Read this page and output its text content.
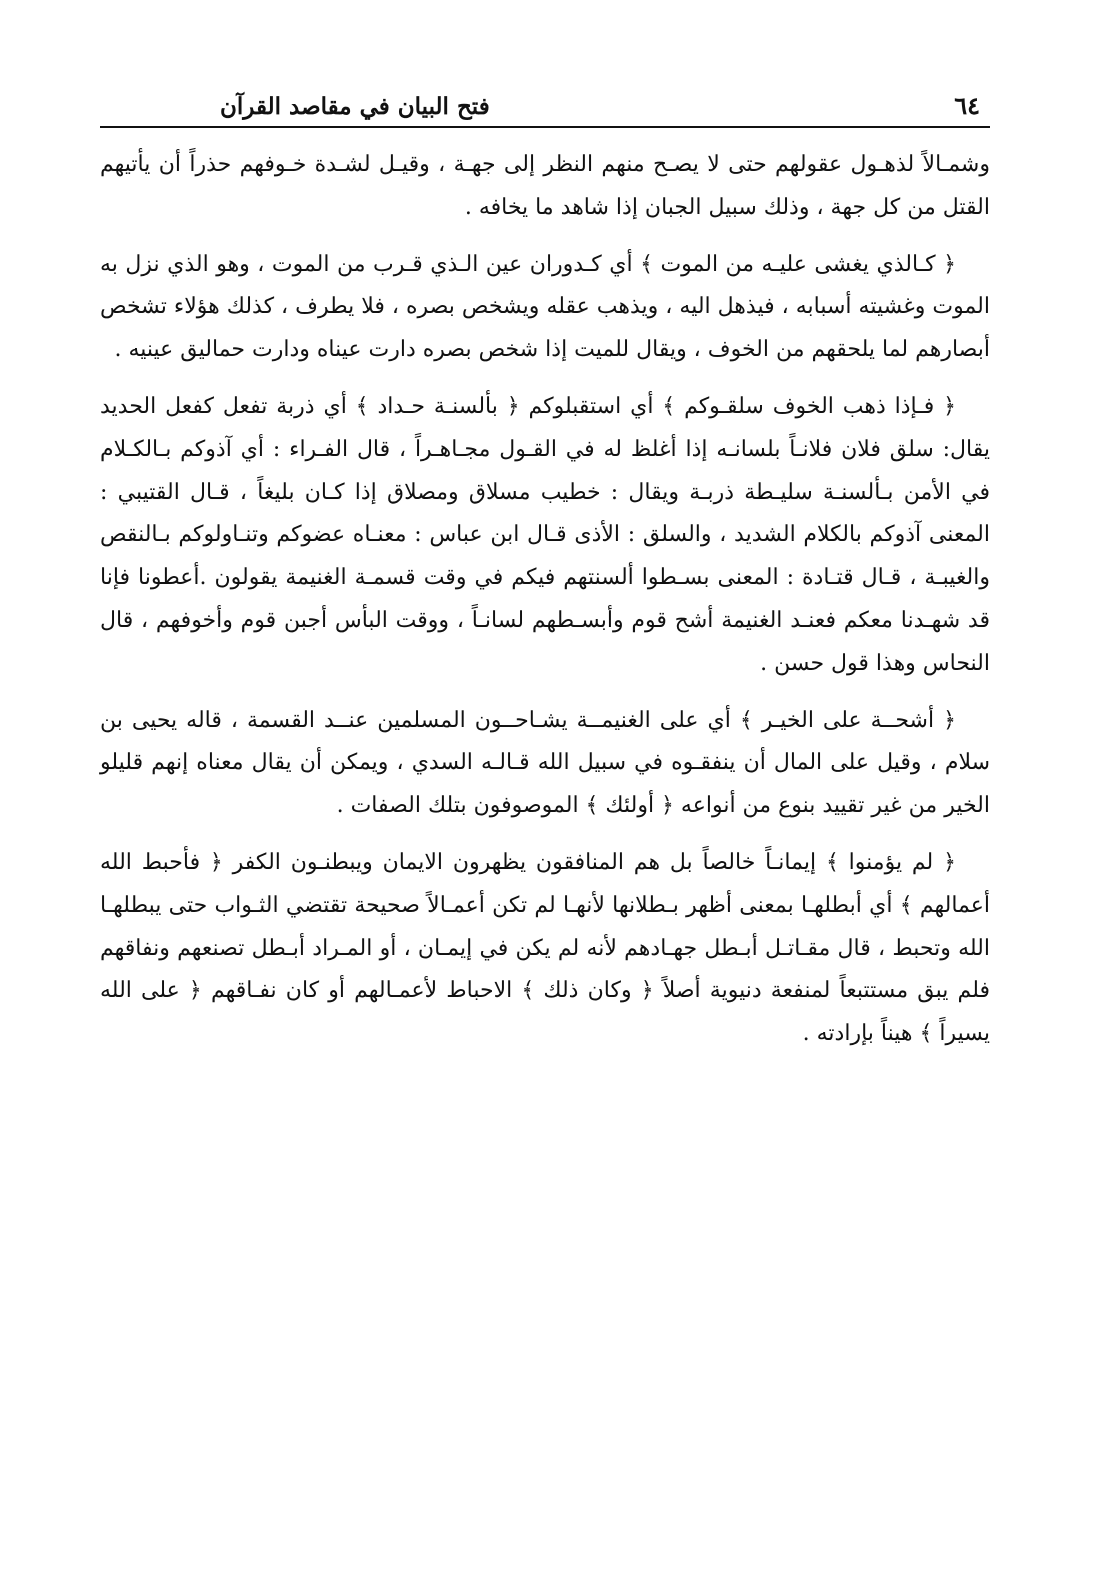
٦٤
فتح البيان في مقاصد القرآن

وشمـالاً لذهـول عقولهم حتى لا يصـح منهم النظر إلى جهـة ، وقيـل لشـدة خـوفهم حذراً أن يأتيهم القتل من كل جهة ، وذلك سبيل الجبان إذا شاهد ما يخافه .

﴿ كـالذي يغشى عليـه من الموت ﴾ أي كـدوران عين الـذي قـرب من الموت ، وهو الذي نزل به الموت وغشيته أسبابه ، فيذهل اليه ، ويذهب عقله ويشخص بصره ، فلا يطرف ، كذلك هؤلاء تشخص أبصارهم لما يلحقهم من الخوف ، ويقال للميت إذا شخص بصره دارت عيناه ودارت حماليق عينيه .

﴿ فـإذا ذهب الخوف سلقـوكم ﴾ أي استقبلوكم ﴿ بألسنـة حـداد ﴾ أي ذربة تفعل كفعل الحديد يقال: سلق فلان فلانـاً بلسانـه إذا أغلظ له في القـول مجـاهـراً ، قال الفـراء : أي آذوكم بـالكـلام في الأمن بـألسنـة سليـطة ذربـة ويقال : خطيب مسلاق ومصلاق إذا كـان بليغاً ، قـال القتيبي : المعنى آذوكم بالكلام الشديد ، والسلق : الأذى قـال ابن عباس : معنـاه عضوكم وتنـاولوكم بـالنقص والغيبـة ، قـال قتـادة : المعنى بسـطوا ألسنتهم فيكم في وقت قسمـة الغنيمة يقولون .أعطونا فإنا قد شهـدنا معكم فعنـد الغنيمة أشح قوم وأبسـطهم لسانـاً ، ووقت البأس أجبن قوم وأخوفهم ، قال النحاس وهذا قول حسن .

﴿ أشحــة على الخيـر ﴾ أي على الغنيمــة يشـاحــون المسلمين عنــد القسمة ، قاله يحيى بن سلام ، وقيل على المال أن ينفقـوه في سبيل الله قـالـه السدي ، ويمكن أن يقال معناه إنهم قليلو الخير من غير تقييد بنوع من أنواعه ﴿ أولئك ﴾ الموصوفون بتلك الصفات .

﴿ لم يؤمنوا ﴾ إيمانـاً خالصاً بل هم المنافقون يظهرون الايمان ويبطنـون الكفر ﴿ فأحبط الله أعمالهم ﴾ أي أبطلهـا بمعنى أظهر بـطلانها لأنهـا لم تكن أعمـالاً صحيحة تقتضي الثـواب حتى يبطلهـا الله وتحبط ، قال مقـاتـل أبـطل جهـادهم لأنه لم يكن في إيمـان ، أو المـراد أبـطل تصنعهم ونفاقهم فلم يبق مستتبعاً لمنفعة دنيوية أصلاً ﴿ وكان ذلك ﴾ الاحباط لأعمـالهم أو كان نفـاقهم ﴿ على الله يسيراً ﴾ هيناً بإرادته .
